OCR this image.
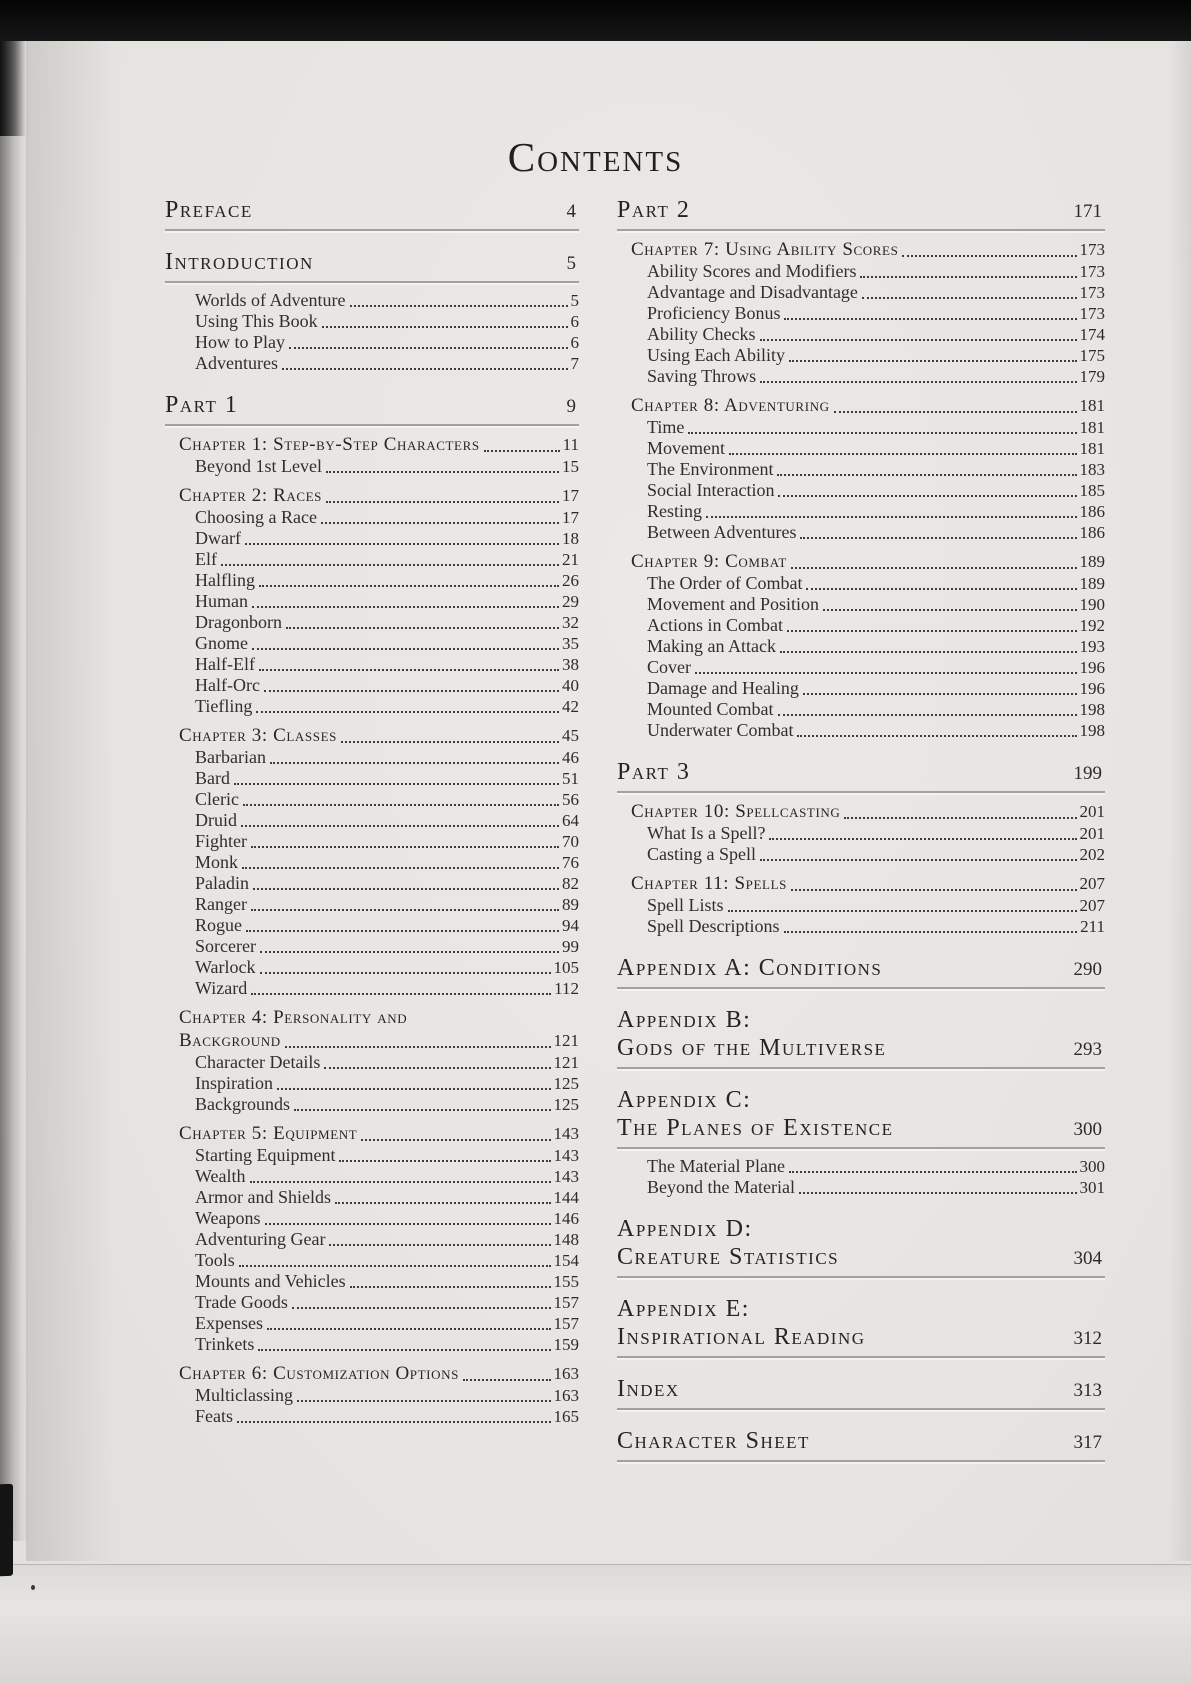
Contents
Preface	4
Introduction	5
Worlds of Adventure	5
Using This Book	6
How to Play	6
Adventures	7
Part 1	9
Chapter 1: Step-by-Step Characters	11
Beyond 1st Level	15
Chapter 2: Races	17
Choosing a Race	17
Dwarf	18
Elf	21
Halfling	26
Human	29
Dragonborn	32
Gnome	35
Half-Elf	38
Half-Orc	40
Tiefling	42
Chapter 3: Classes	45
Barbarian	46
Bard	51
Cleric	56
Druid	64
Fighter	70
Monk	76
Paladin	82
Ranger	89
Rogue	94
Sorcerer	99
Warlock	105
Wizard	112
Chapter 4: Personality and
Background	121
Character Details	121
Inspiration	125
Backgrounds	125
Chapter 5: Equipment	143
Starting Equipment	143
Wealth	143
Armor and Shields	144
Weapons	146
Adventuring Gear	148
Tools	154
Mounts and Vehicles	155
Trade Goods	157
Expenses	157
Trinkets	159
Chapter 6: Customization Options	163
Multiclassing	163
Feats	165
Part 2	171
Chapter 7: Using Ability Scores	173
Ability Scores and Modifiers	173
Advantage and Disadvantage	173
Proficiency Bonus	173
Ability Checks	174
Using Each Ability	175
Saving Throws	179
Chapter 8: Adventuring	181
Time	181
Movement	181
The Environment	183
Social Interaction	185
Resting	186
Between Adventures	186
Chapter 9: Combat	189
The Order of Combat	189
Movement and Position	190
Actions in Combat	192
Making an Attack	193
Cover	196
Damage and Healing	196
Mounted Combat	198
Underwater Combat	198
Part 3	199
Chapter 10: Spellcasting	201
What Is a Spell?	201
Casting a Spell	202
Chapter 11: Spells	207
Spell Lists	207
Spell Descriptions	211
Appendix A: Conditions	290
Appendix B:
Gods of the Multiverse	293
Appendix C:
The Planes of Existence	300
The Material Plane	300
Beyond the Material	301
Appendix D:
Creature Statistics	304
Appendix E:
Inspirational Reading	312
Index	313
Character Sheet	317
